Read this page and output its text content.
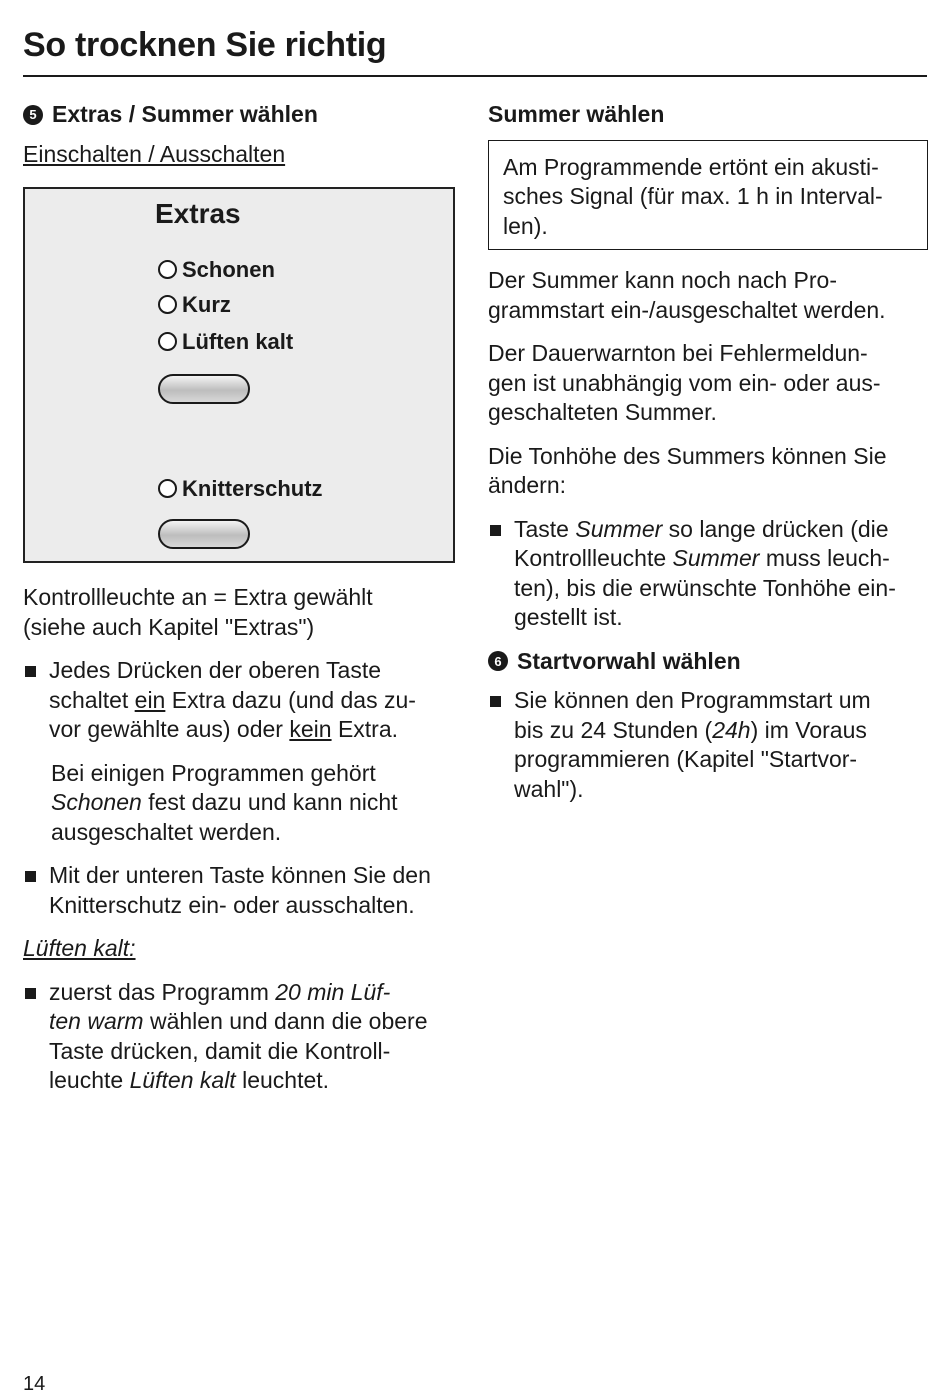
So trocknen Sie richtig
5 Extras / Summer wählen
Einschalten / Ausschalten
Extras
Schonen
Kurz
Lüften kalt
Knitterschutz

Kontrollleuchte an = Extra gewählt
(siehe auch Kapitel "Extras")

Jedes Drücken der oberen Taste
schaltet ein Extra dazu (und das zu-
vor gewählte aus) oder kein Extra.

Bei einigen Programmen gehört
Schonen fest dazu und kann nicht
ausgeschaltet werden.

Mit der unteren Taste können Sie den
Knitterschutz ein- oder ausschalten.

Lüften kalt:

zuerst das Programm 20 min Lüf-
ten warm wählen und dann die obere
Taste drücken, damit die Kontroll-
leuchte Lüften kalt leuchtet.
Summer wählen
Am Programmende ertönt ein akusti-
sches Signal (für max. 1 h in Interval-
len).

Der Summer kann noch nach Pro-
grammstart ein-/ausgeschaltet werden.

Der Dauerwarnton bei Fehlermeldun-
gen ist unabhängig vom ein- oder aus-
geschalteten Summer.

Die Tonhöhe des Summers können Sie
ändern:

Taste Summer so lange drücken (die
Kontrollleuchte Summer muss leuch-
ten), bis die erwünschte Tonhöhe ein-
gestellt ist.
6 Startvorwahl wählen
Sie können den Programmstart um
bis zu 24 Stunden (24h) im Voraus
programmieren (Kapitel "Startvor-
wahl").
14
